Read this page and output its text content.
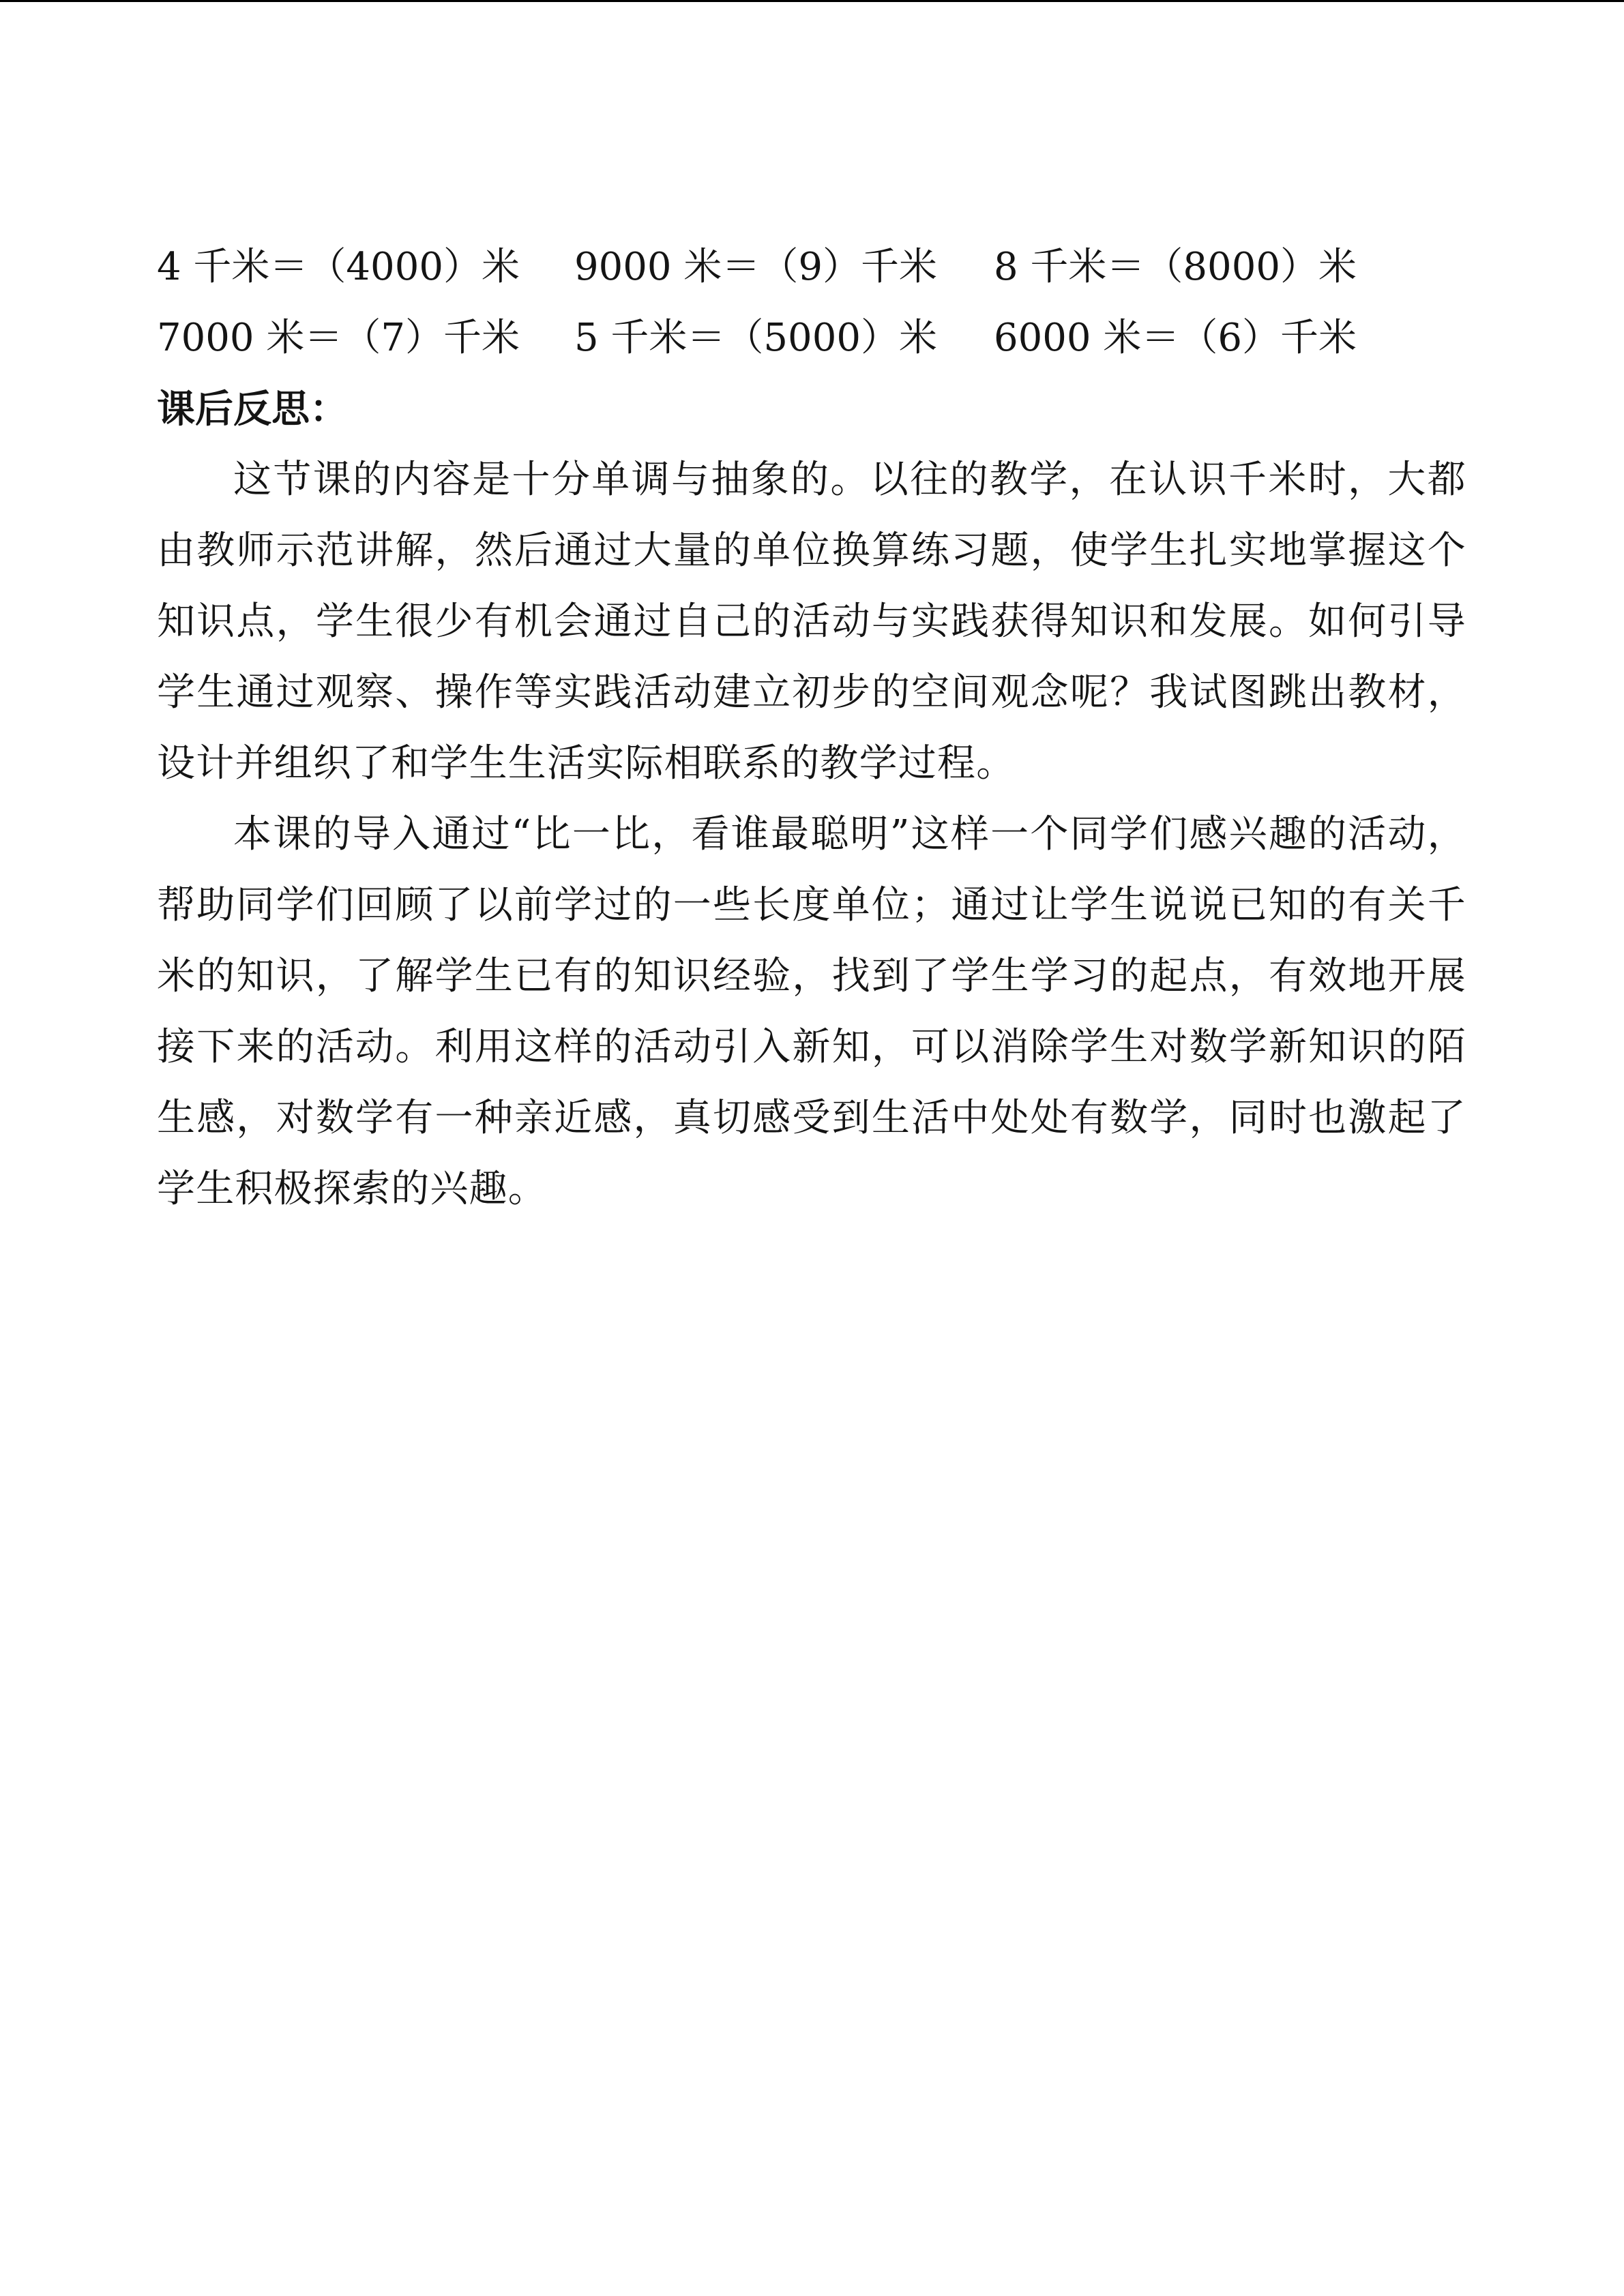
4 千米＝（4000）米 9000 米＝（9）千米 8 千米＝（8000）米
7000 米＝（7）千米 5 千米＝（5000）米 6000 米＝（6）千米
课后反思：

这节课的内容是十分单调与抽象的。以往的教学，在认识千米时，大都由教师示范讲解，然后通过大量的单位换算练习题，使学生扎实地掌握这个知识点，学生很少有机会通过自己的活动与实践获得知识和发展。如何引导学生通过观察、操作等实践活动建立初步的空间观念呢？我试图跳出教材，设计并组织了和学生生活实际相联系的教学过程。

本课的导入通过“比一比，看谁最聪明”这样一个同学们感兴趣的活动，帮助同学们回顾了以前学过的一些长度单位；通过让学生说说已知的有关千米的知识，了解学生已有的知识经验，找到了学生学习的起点，有效地开展接下来的活动。利用这样的活动引入新知，可以消除学生对数学新知识的陌生感，对数学有一种亲近感，真切感受到生活中处处有数学，同时也激起了学生积极探索的兴趣。
